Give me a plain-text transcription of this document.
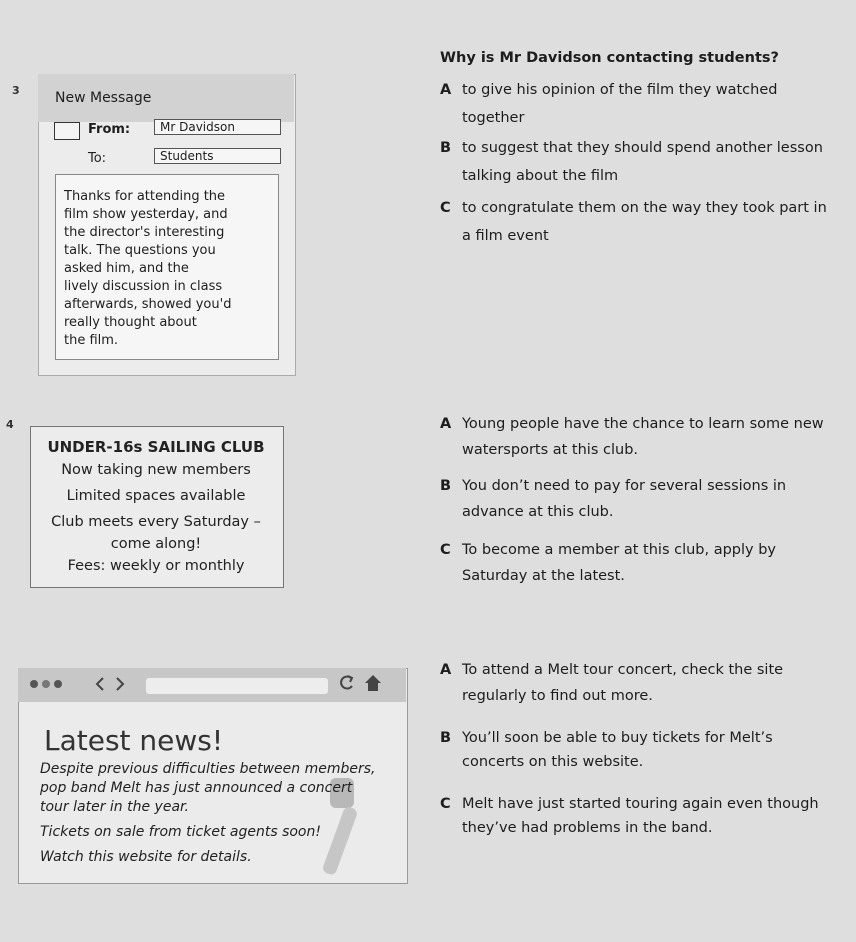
3	New Message
From:	Mr Davidson
To:	Students
Thanks for attending the
film show yesterday, and
the director's interesting
talk. The questions you
asked him, and the
lively discussion in class
afterwards, showed you'd
really thought about
the film.
Why is Mr Davidson contacting students?
A to give his opinion of the film they watched
together
B to suggest that they should spend another lesson
talking about the film
C to congratulate them on the way they took part in
a film event
4
UNDER-16s SAILING CLUB
Now taking new members
Limited spaces available
Club meets every Saturday –
come along!
Fees: weekly or monthly
A Young people have the chance to learn some new
watersports at this club.
B You don’t need to pay for several sessions in
advance at this club.
C To become a member at this club, apply by
Saturday at the latest.
Latest news!
Despite previous difficulties between members,
pop band Melt has just announced a concert
tour later in the year.
Tickets on sale from ticket agents soon!
Watch this website for details.
A To attend a Melt tour concert, check the site
regularly to find out more.
B You’ll soon be able to buy tickets for Melt’s
concerts on this website.
C Melt have just started touring again even though
they’ve had problems in the band.
